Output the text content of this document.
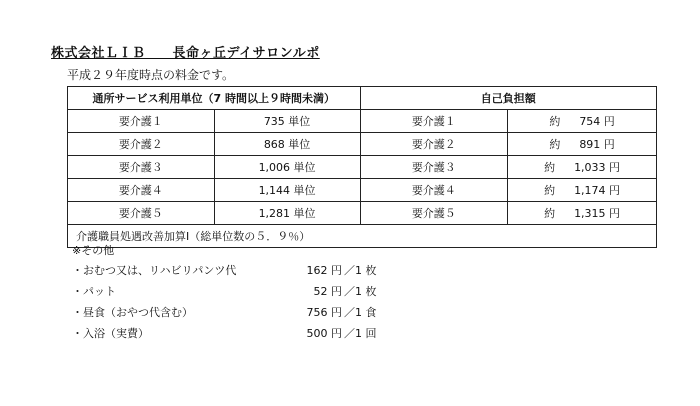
株式会社ＬＩＢ　　長命ヶ丘デイサロンルポ
平成２９年度時点の料金です。
通所サービス利用単位（7 時間以上９時間未満）		自己負担額	
要介護１	735 単位	要介護１	約 754 円
要介護２	868 単位	要介護２	約 891 円
要介護３	1,006 単位	要介護３	約 1,033 円
要介護４	1,144 単位	要介護４	約 1,174 円
要介護５	1,281 単位	要介護５	約 1,315 円
介護職員処遇改善加算Ⅰ（総単位数の５．９％）			
※その他
・おむつ又は、リハビリパンツ代	162 円 ／1 枚
・パット	52 円 ／1 枚
・昼食（おやつ代含む）	756 円 ／1 食
・入浴（実費）	500 円 ／1 回
